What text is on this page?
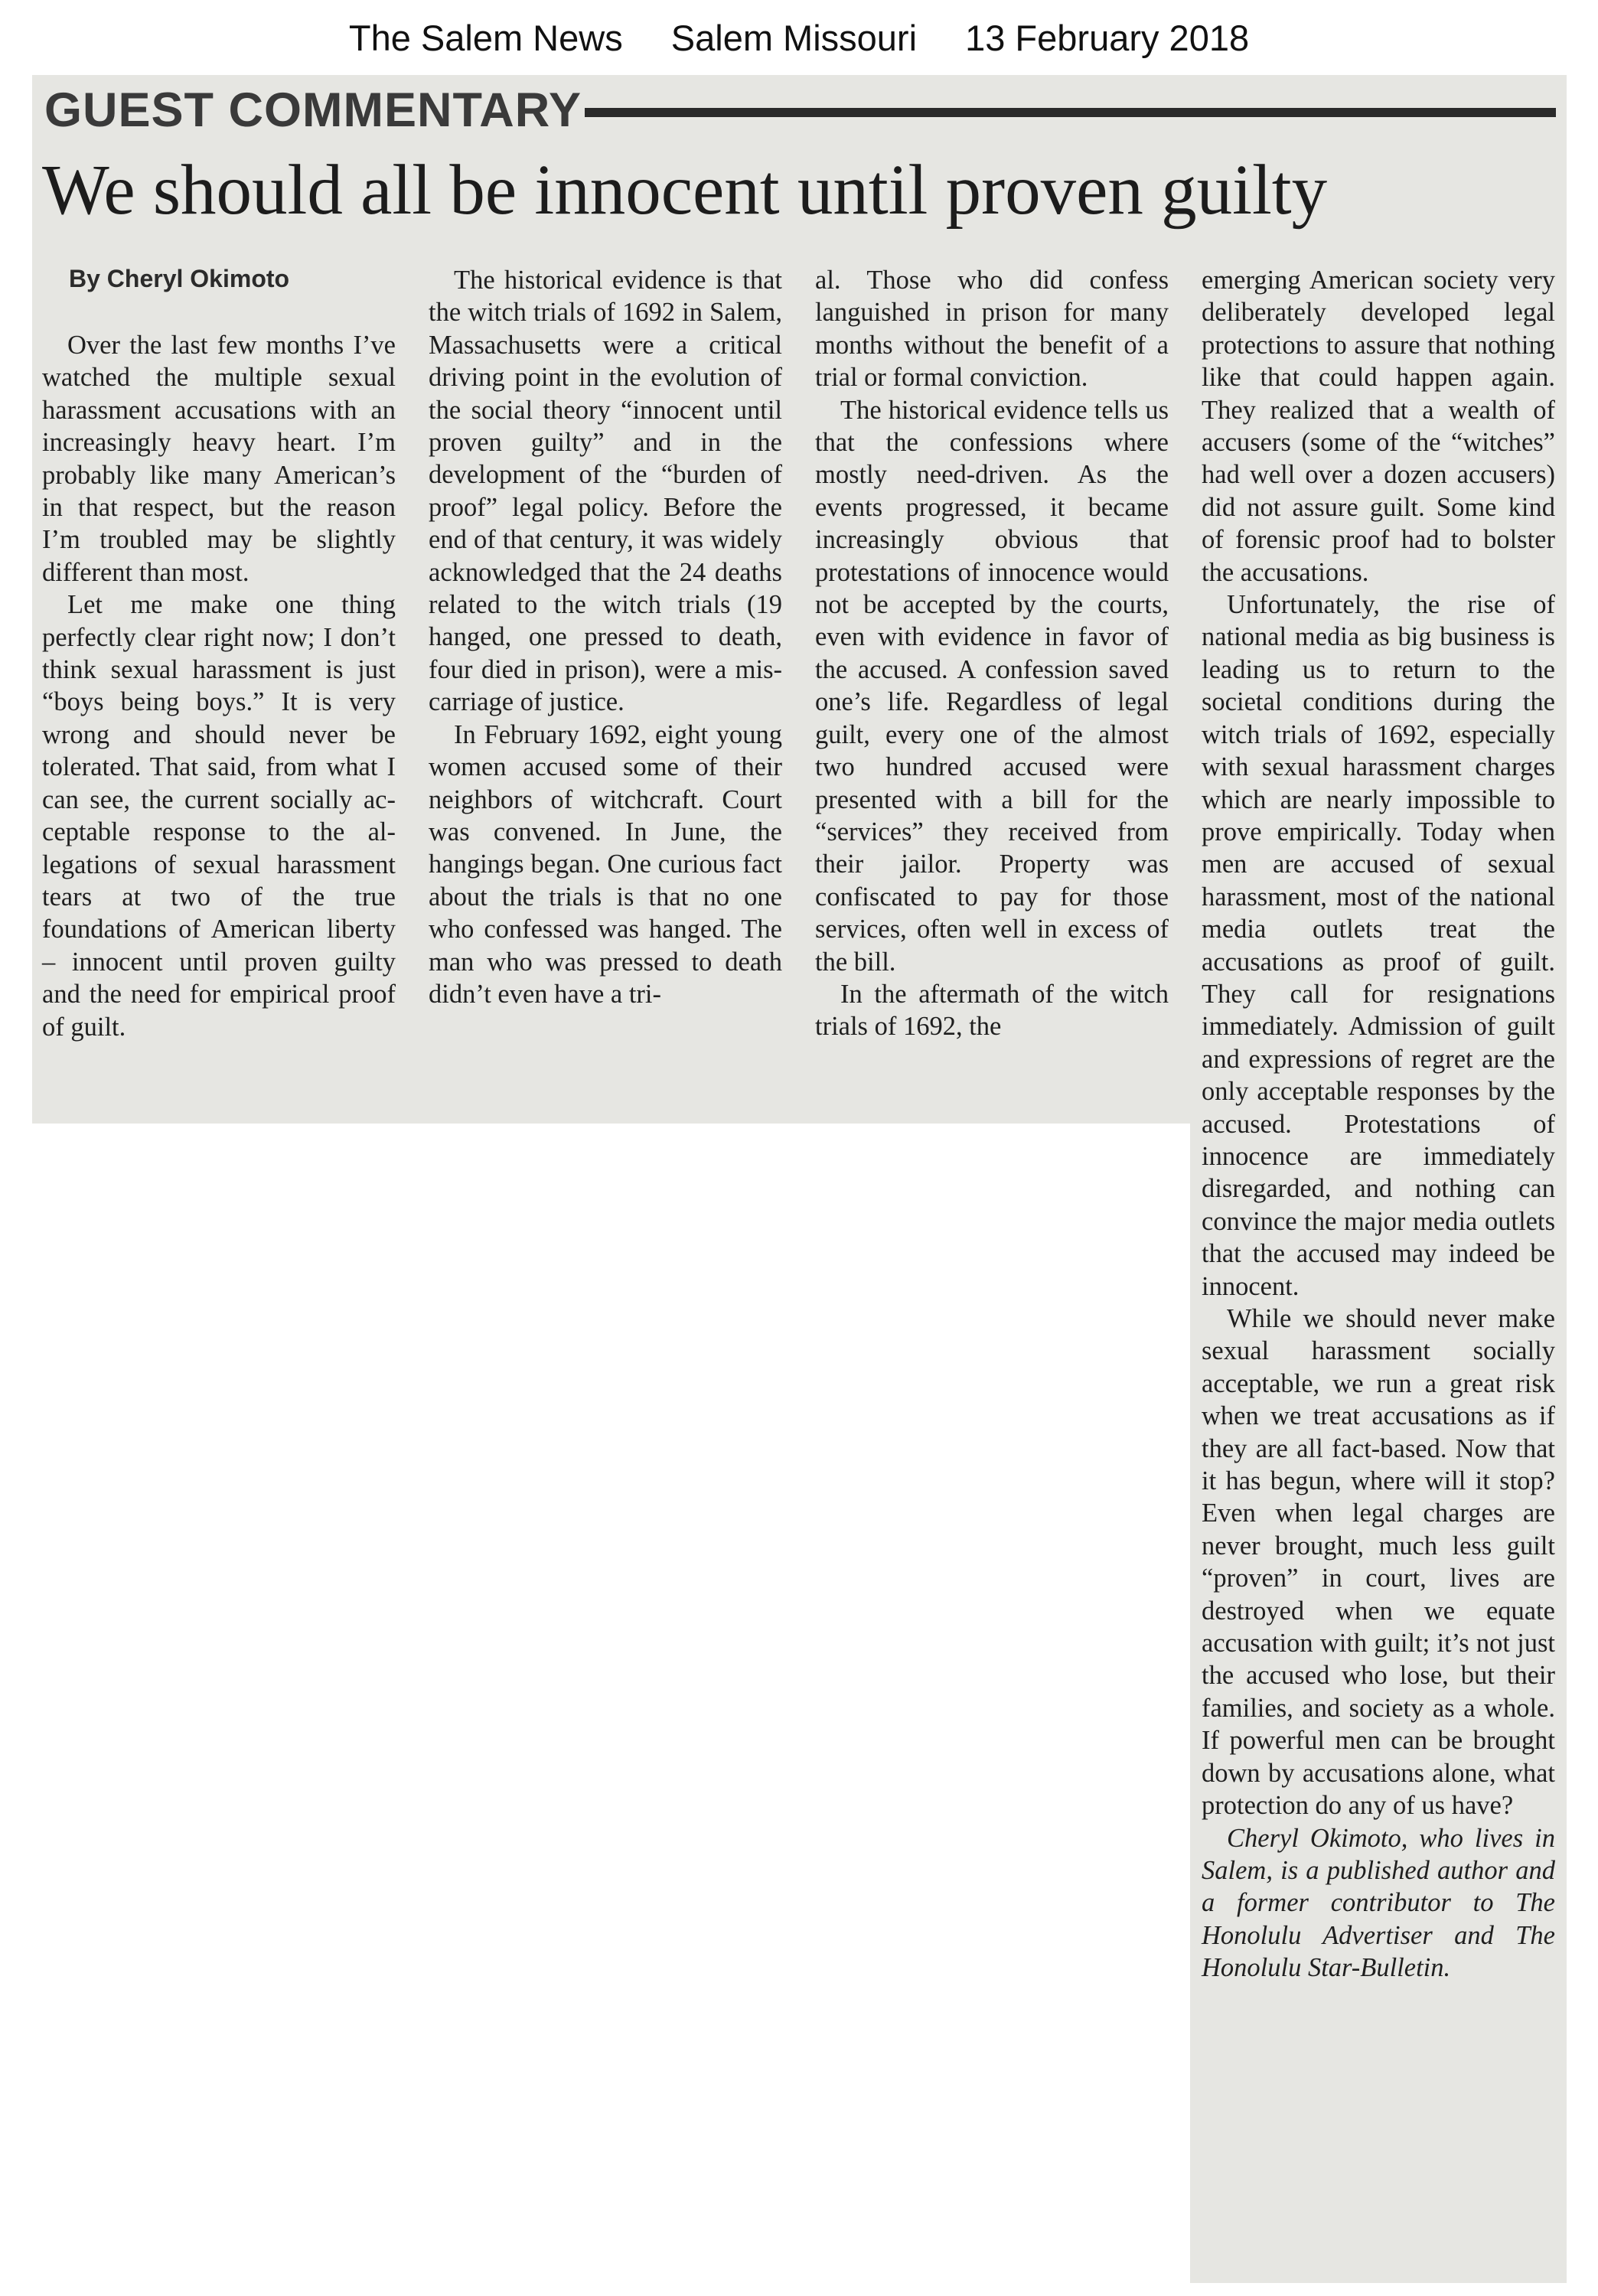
The Salem News Salem Missouri 13 February 2018
GUEST COMMENTARY
We should all be innocent until proven guilty
By Cheryl Okimoto

Over the last few months I’ve watched the multiple sexual harassment accusations with an increasingly heavy heart. I’m probably like many American’s in that respect, but the reason I’m troubled may be slightly different than most.

Let me make one thing perfectly clear right now; I don’t think sexual harassment is just “boys being boys.” It is very wrong and should never be tolerated. That said, from what I can see, the current socially acceptable response to the allegations of sexual harassment tears at two of the true foundations of American liberty – innocent until proven guilty and the need for empirical proof of guilt.

The historical evidence is that the witch trials of 1692 in Salem, Massachusetts were a critical driving point in the evolution of the social theory “innocent until proven guilty” and in the development of the “burden of proof” legal policy. Before the end of that century, it was widely acknowledged that the 24 deaths related to the witch trials (19 hanged, one pressed to death, four died in prison), were a miscarriage of justice.

In February 1692, eight young women accused some of their neighbors of witchcraft. Court was convened. In June, the hangings began. One curious fact about the trials is that no one who confessed was hanged. The man who was pressed to death didn’t even have a tri-

al. Those who did confess languished in prison for many months without the benefit of a trial or formal conviction.

The historical evidence tells us that the confessions where mostly need-driven. As the events progressed, it became increasingly obvious that protestations of innocence would not be accepted by the courts, even with evidence in favor of the accused. A confession saved one’s life. Regardless of legal guilt, every one of the almost two hundred accused were presented with a bill for the “services” they received from their jailor. Property was confiscated to pay for those services, often well in excess of the bill.

In the aftermath of the witch trials of 1692, the

emerging American society very deliberately developed legal protections to assure that nothing like that could happen again. They realized that a wealth of accusers (some of the “witches” had well over a dozen accusers) did not assure guilt. Some kind of forensic proof had to bolster the accusations.

Unfortunately, the rise of national media as big business is leading us to return to the societal conditions during the witch trials of 1692, especially with sexual harassment charges which are nearly impossible to prove empirically. Today when men are accused of sexual harassment, most of the national media outlets treat the accusations as proof of guilt. They call for resignations immediately. Admission of guilt and expressions of regret are the only acceptable responses by the accused. Protestations of innocence are immediately disregarded, and nothing can convince the major media outlets that the accused may indeed be innocent.

While we should never make sexual harassment socially acceptable, we run a great risk when we treat accusations as if they are all fact-based. Now that it has begun, where will it stop? Even when legal charges are never brought, much less guilt “proven” in court, lives are destroyed when we equate accusation with guilt; it’s not just the accused who lose, but their families, and society as a whole. If powerful men can be brought down by accusations alone, what protection do any of us have?

Cheryl Okimoto, who lives in Salem, is a published author and a former contributor to The Honolulu Advertiser and The Honolulu Star-Bulletin.
